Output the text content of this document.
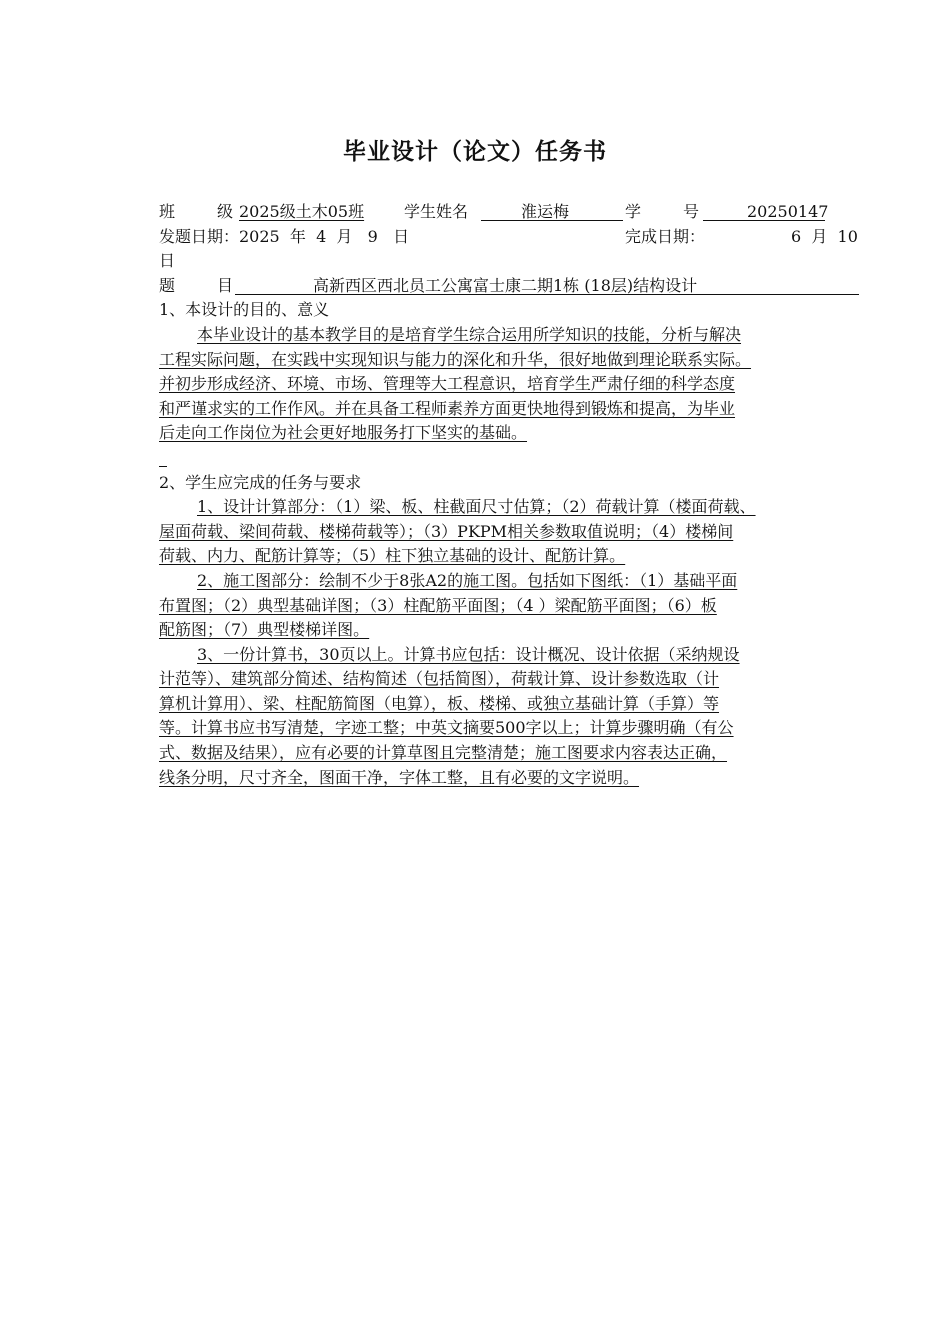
毕业设计（论文）任务书
班	级 2025级土木05班 学生姓名	淮运梅	学	号	20250147
发题日期：2025  年  4  月   9   日	完成日期：	6  月  10
日
题	目	高新西区西北员工公寓富士康二期1栋 (18层)结构设计
1、本设计的目的、意义
本毕业设计的基本教学目的是培育学生综合运用所学知识的技能，分析与解决
工程实际问题，在实践中实现知识与能力的深化和升华，很好地做到理论联系实际。
并初步形成经济、环境、市场、管理等大工程意识，培育学生严肃仔细的科学态度
和严谨求实的工作作风。并在具备工程师素养方面更快地得到锻炼和提高，为毕业
后走向工作岗位为社会更好地服务打下坚实的基础。
2、学生应完成的任务与要求
1、设计计算部分：（1）梁、板、柱截面尺寸估算；（2）荷载计算（楼面荷载、
屋面荷载、梁间荷载、楼梯荷载等）；（3）PKPM相关参数取值说明；（4）楼梯间
荷载、内力、配筋计算等；（5）柱下独立基础的设计、配筋计算。
2、施工图部分：绘制不少于8张A2的施工图。包括如下图纸：（1）基础平面
布置图；（2）典型基础详图；（3）柱配筋平面图；（4 ）梁配筋平面图；（6）板
配筋图；（7）典型楼梯详图。
3、一份计算书，30页以上。计算书应包括：设计概况、设计依据（采纳规设
计范等）、建筑部分简述、结构简述（包括简图），荷载计算、设计参数选取（计
算机计算用）、梁、柱配筋简图（电算），板、楼梯、或独立基础计算（手算）等
等。计算书应书写清楚，字迹工整；中英文摘要500字以上；计算步骤明确（有公
式、数据及结果），应有必要的计算草图且完整清楚；施工图要求内容表达正确，
线条分明，尺寸齐全，图面干净，字体工整，且有必要的文字说明。
